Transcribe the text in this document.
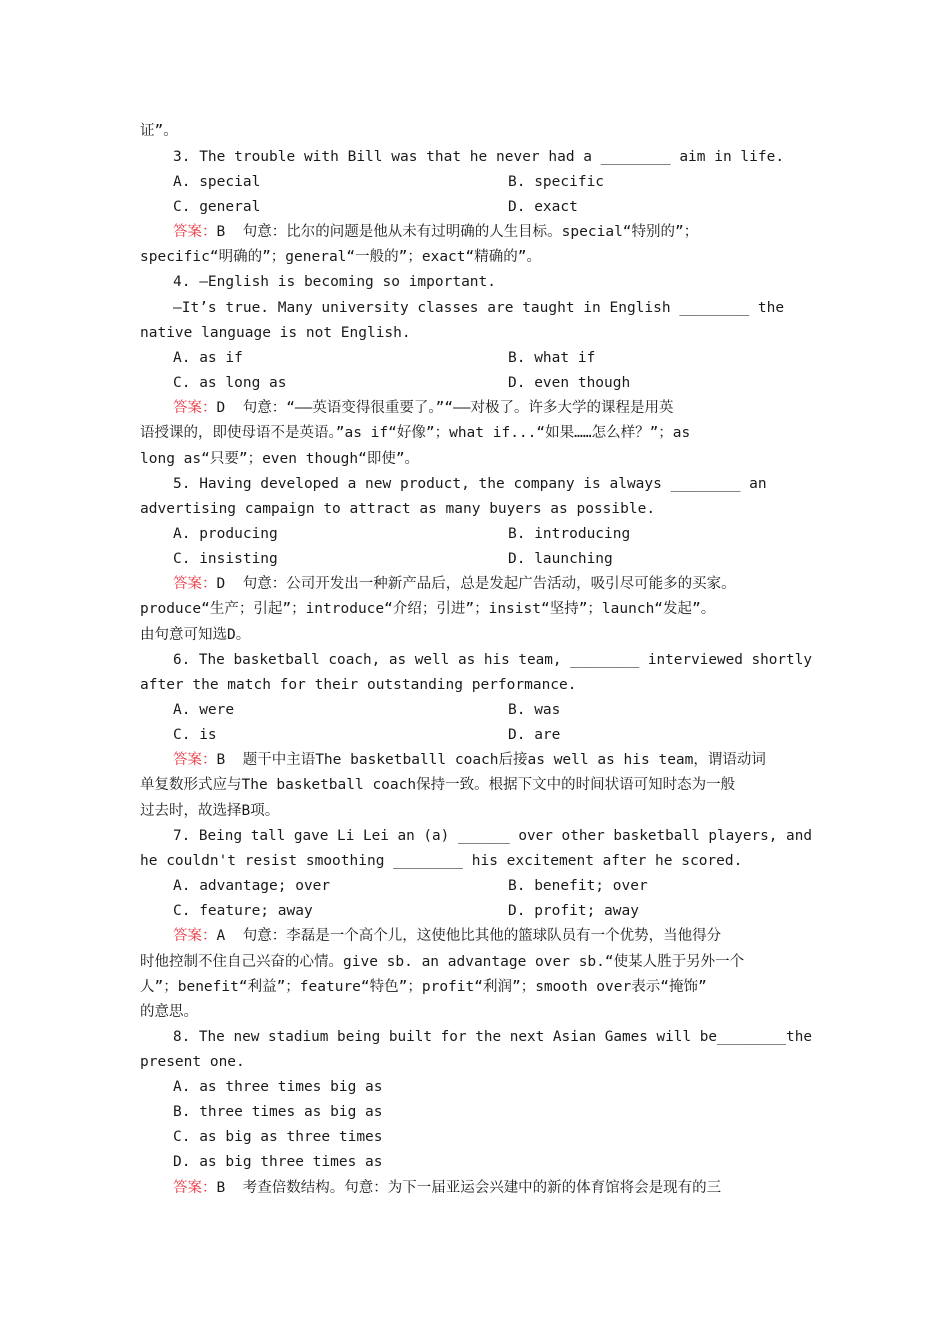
证”。
3. The trouble with Bill was that he never had a ________ aim in life.
A. special	B. specific
C. general	D. exact
答案：B  句意：比尔的问题是他从未有过明确的人生目标。special“特别的”；
specific“明确的”；general“一般的”；exact“精确的”。
4. —English is becoming so important.
—It’s true. Many university classes are taught in English ________ the
native language is not English.
A. as if	B. what if
C. as long as	D. even though
答案：D  句意：“——英语变得很重要了。”“——对极了。许多大学的课程是用英
语授课的，即使母语不是英语。”as if“好像”；what if...“如果……怎么样？”；as
long as“只要”；even though“即使”。
5. Having developed a new product, the company is always ________ an
advertising campaign to attract as many buyers as possible.
A. producing	B. introducing
C. insisting	D. launching
答案：D  句意：公司开发出一种新产品后，总是发起广告活动，吸引尽可能多的买家。
produce“生产；引起”；introduce“介绍；引进”；insist“坚持”；launch“发起”。
由句意可知选D。
6. The basketball coach, as well as his team, ________ interviewed shortly
after the match for their outstanding performance.
A. were	B. was
C. is	D. are
答案：B  题干中主语The basketballl coach后接as well as his team，谓语动词
单复数形式应与The basketball coach保持一致。根据下文中的时间状语可知时态为一般
过去时，故选择B项。
7. Being tall gave Li Lei an (a) ______ over other basketball players, and
he couldn't resist smoothing ________ his excitement after he scored.
A. advantage; over	B. benefit; over
C. feature; away	D. profit; away
答案：A  句意：李磊是一个高个儿，这使他比其他的篮球队员有一个优势，当他得分
时他控制不住自己兴奋的心情。give sb. an advantage over sb.“使某人胜于另外一个
人”；benefit“利益”；feature“特色”；profit“利润”；smooth over表示“掩饰”
的意思。
8. The new stadium being built for the next Asian Games will be________the
present one.
A. as three times big as
B. three times as big as
C. as big as three times
D. as big three times as
答案：B  考查倍数结构。句意：为下一届亚运会兴建中的新的体育馆将会是现有的三
